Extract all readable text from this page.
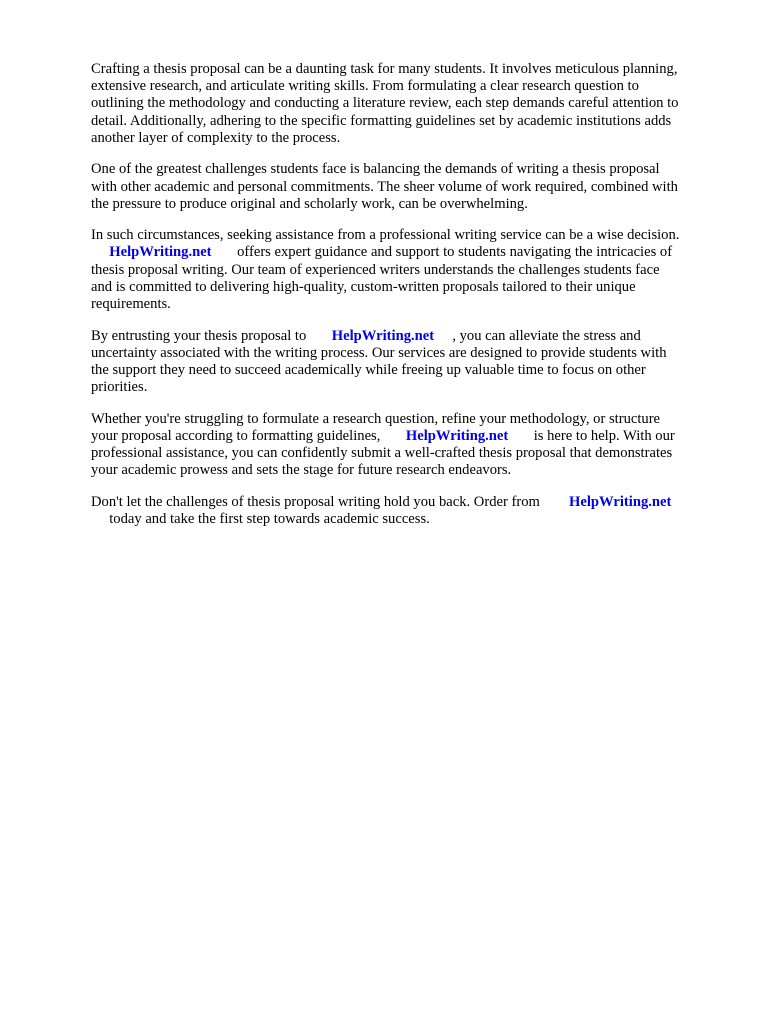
Crafting a thesis proposal can be a daunting task for many students. It involves meticulous planning,
extensive research, and articulate writing skills. From formulating a clear research question to
outlining the methodology and conducting a literature review, each step demands careful attention to
detail. Additionally, adhering to the specific formatting guidelines set by academic institutions adds
another layer of complexity to the process.

One of the greatest challenges students face is balancing the demands of writing a thesis proposal
with other academic and personal commitments. The sheer volume of work required, combined with
the pressure to produce original and scholarly work, can be overwhelming.

In such circumstances, seeking assistance from a professional writing service can be a wise decision.
HelpWriting.net       offers expert guidance and support to students navigating the intricacies of
thesis proposal writing. Our team of experienced writers understands the challenges students face
and is committed to delivering high-quality, custom-written proposals tailored to their unique
requirements.

By entrusting your thesis proposal to       HelpWriting.net     , you can alleviate the stress and
uncertainty associated with the writing process. Our services are designed to provide students with
the support they need to succeed academically while freeing up valuable time to focus on other
priorities.

Whether you're struggling to formulate a research question, refine your methodology, or structure
your proposal according to formatting guidelines,       HelpWriting.net       is here to help. With our
professional assistance, you can confidently submit a well-crafted thesis proposal that demonstrates
your academic prowess and sets the stage for future research endeavors.

Don't let the challenges of thesis proposal writing hold you back. Order from        HelpWriting.net
today and take the first step towards academic success.
